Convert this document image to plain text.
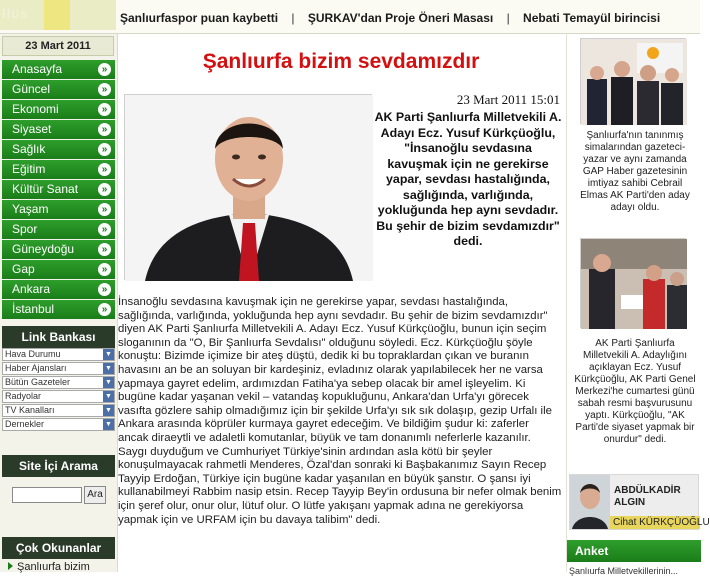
Ilüs	Şanlıurfaspor puan kaybetti | ŞURKAV'dan Proje Öneri Masası | Nebati Temayül birincisi
23 Mart 2011
Anasayfa	»
Güncel	»
Ekonomi	»
Siyaset	»
Sağlık	»
Eğitim	»
Kültür Sanat	»
Yaşam	»
Spor	»
Güneydoğu	»
Gap	»
Ankara	»
İstanbul	»
Link Bankası
Hava Durumu	▼
Haber Ajansları	▼
Bütün Gazeteler	▼
Radyolar	▼
TV Kanalları	▼
Dernekler	▼
Site İçi Arama
Ara
Çok Okunanlar
Şanlıurfa bizim
Şanlıurfa bizim sevdamızdır
23 Mart 2011 15:01

AK Parti Şanlıurfa Milletvekili A. Adayı Ecz. Yusuf Kürkçüoğlu, "İnsanoğlu sevdasına kavuşmak için ne gerekirse yapar, sevdası hastalığında, sağlığında, varlığında, yokluğunda hep aynı sevdadır. Bu şehir de bizim sevdamızdır" dedi.

İnsanoğlu sevdasına kavuşmak için ne gerekirse yapar, sevdası hastalığında, sağlığında, varlığında, yokluğunda hep aynı sevdadır. Bu şehir de bizim sevdamızdır" diyen AK Parti Şanlıurfa Milletvekili A. Adayı Ecz. Yusuf Kürkçüoğlu, bunun için seçim sloganının da "O, Bir Şanlıurfa Sevdalısı" olduğunu söyledi. Ecz. Kürkçüoğlu şöyle konuştu: Bizimde içimize bir ateş düştü, dedik ki bu topraklardan çıkan ve buranın havasını an be an soluyan bir kardeşiniz, evladınız olarak yapılabilecek her ne varsa yapmaya gayret edelim, ardımızdan Fatiha'ya sebep olacak bir amel işleyelim. Ki bugüne kadar yaşanan vekil – vatandaş kopukluğunu, Ankara'dan Urfa'yı görecek vasıfta gözlere sahip olmadığımız için bir şekilde Urfa'yı sık sık dolaşıp, gezip Urfalı ile Ankara arasında köprüler kurmaya gayret edeceğim. Ve bildiğim şudur ki: zaferler ancak diraeytli ve adaletli komutanlar, büyük ve tam donanımlı neferlerle kazanılır. Saygı duyduğum ve Cumhuriyet Türkiye'sinin ardından asla kötü bir şeyler konuşulmayacak rahmetli Menderes, Özal'dan sonraki ki Başbakanımız Sayın Recep Tayyip Erdoğan, Türkiye için bugüne kadar yaşanılan en büyük şanstır. O şansı iyi kullanabilmeyi Rabbim nasip etsin. Recep Tayyip Bey'in ordusuna bir nefer olmak benim için şeref olur, onur olur, lütuf olur. O lütfe yakışanı yapmak adına ne gerekiyorsa yapmak için ve URFAM için bu davaya talibim" dedi.

Şanlıurfa'nın tanınmış simalarından gazeteci-yazar ve aynı zamanda GAP Haber gazetesinin imtiyaz sahibi Cebrail Elmas AK Parti'den aday adayı oldu.

AK Parti Şanlıurfa Milletvekili A. Adaylığını açıklayan Ecz. Yusuf Kürkçüoğlu, AK Parti Genel Merkezi'he cumartesi günü sabah resmi başvurusunu yaptı. Kürkçüoğlu, "AK Parti'de siyaset yapmak bir onurdur" dedi.

ABDÜLKADİR
ALGIN
Cihat KÜRKÇÜOĞLU
Anket
Şanlıurfa Milletvekillerinin...
